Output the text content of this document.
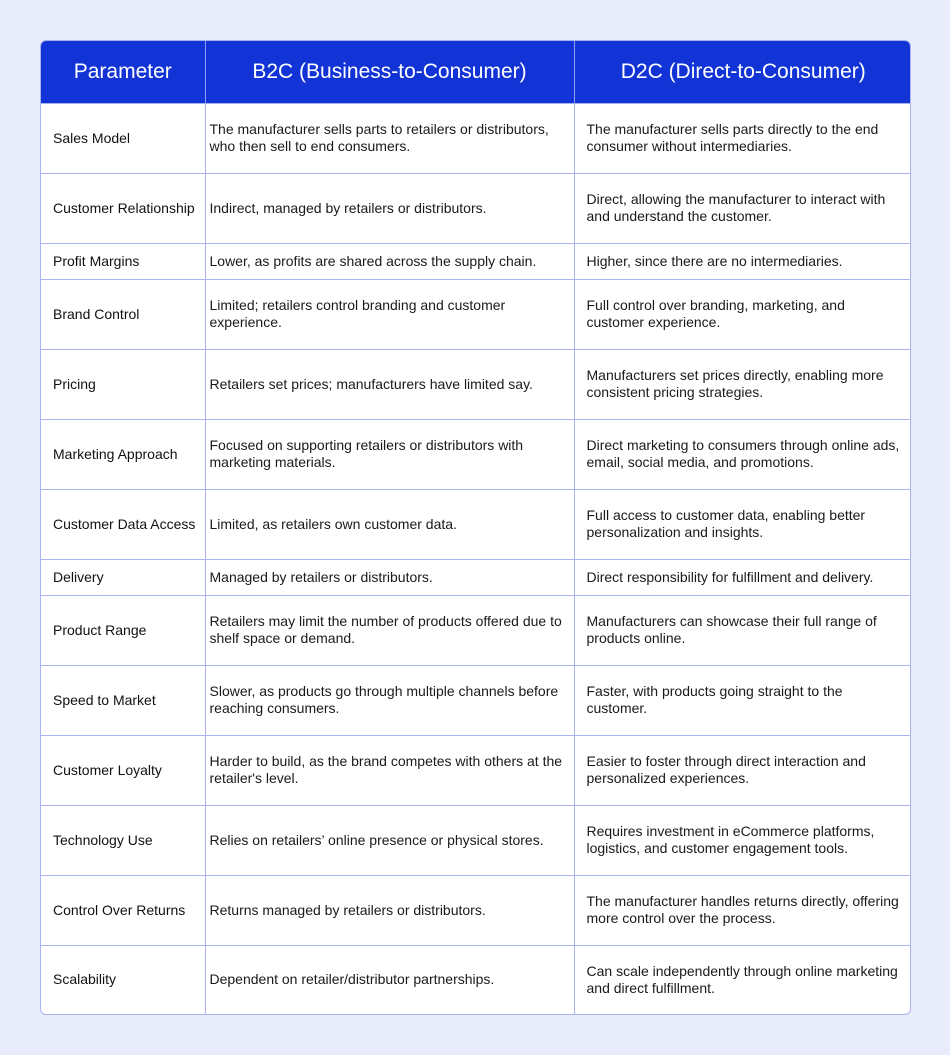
Parameter	B2C (Business-to-Consumer)	D2C (Direct-to-Consumer)
Sales Model	The manufacturer sells parts to retailers or distributors, who then sell to end consumers.	The manufacturer sells parts directly to the end consumer without intermediaries.
Customer Relationship	Indirect, managed by retailers or distributors.	Direct, allowing the manufacturer to interact with and understand the customer.
Profit Margins	Lower, as profits are shared across the supply chain.	Higher, since there are no intermediaries.
Brand Control	Limited; retailers control branding and customer experience.	Full control over branding, marketing, and customer experience.
Pricing	Retailers set prices; manufacturers have limited say.	Manufacturers set prices directly, enabling more consistent pricing strategies.
Marketing Approach	Focused on supporting retailers or distributors with marketing materials.	Direct marketing to consumers through online ads, email, social media, and promotions.
Customer Data Access	Limited, as retailers own customer data.	Full access to customer data, enabling better personalization and insights.
Delivery	Managed by retailers or distributors.	Direct responsibility for fulfillment and delivery.
Product Range	Retailers may limit the number of products offered due to shelf space or demand.	Manufacturers can showcase their full range of products online.
Speed to Market	Slower, as products go through multiple channels before reaching consumers.	Faster, with products going straight to the customer.
Customer Loyalty	Harder to build, as the brand competes with others at the retailer's level.	Easier to foster through direct interaction and personalized experiences.
Technology Use	Relies on retailers’ online presence or physical stores.	Requires investment in eCommerce platforms, logistics, and customer engagement tools.
Control Over Returns	Returns managed by retailers or distributors.	The manufacturer handles returns directly, offering more control over the process.
Scalability	Dependent on retailer/distributor partnerships.	Can scale independently through online marketing and direct fulfillment.
